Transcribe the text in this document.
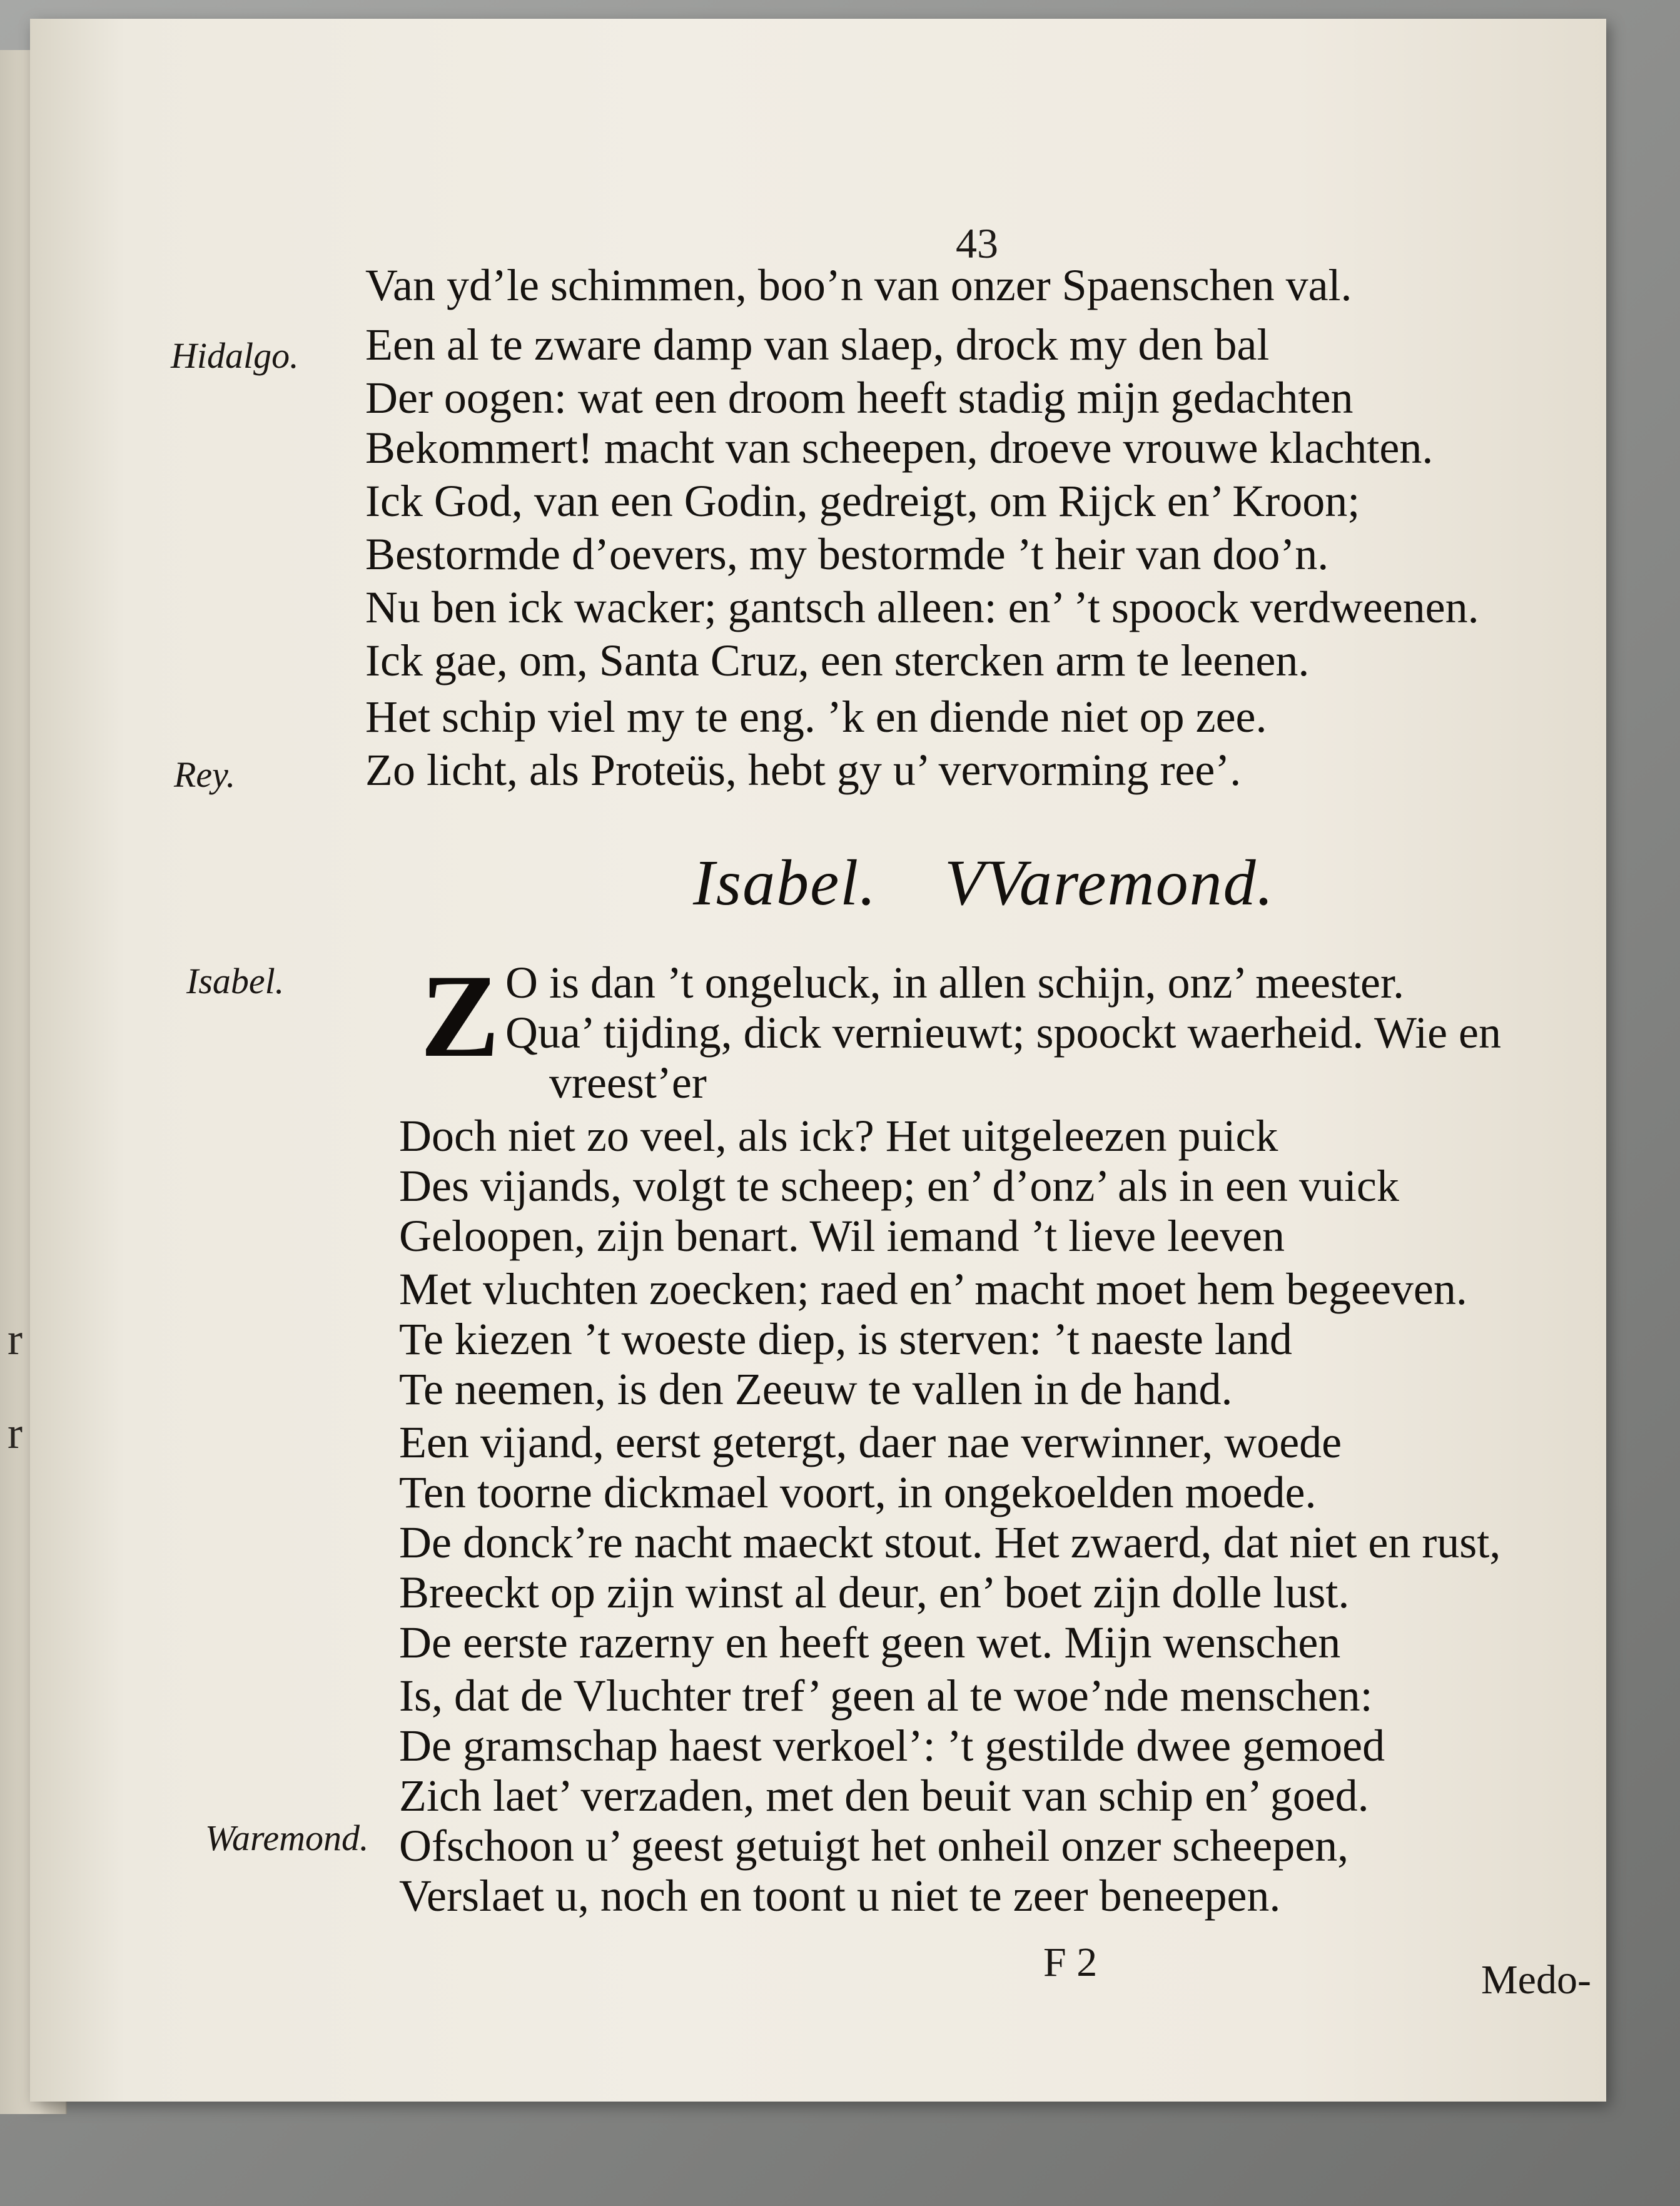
r
r
43
Hidalgo.
Rey.
Van yd’le schimmen, boo’n van onzer Spaenschen val.
Een al te zware damp van slaep, drock my den bal
Der oogen: wat een droom heeft stadig mijn gedachten
Bekommert! macht van scheepen, droeve vrouwe klachten.
Ick God, van een Godin, gedreigt, om Rijck en’ Kroon;
Bestormde d’oevers, my bestormde ’t heir van doo’n.
Nu ben ick wacker; gantsch alleen: en’ ’t spoock verdweenen.
Ick gae, om, Santa Cruz, een stercken arm te leenen.
Het schip viel my te eng. ’k en diende niet op zee.
Zo licht, als Proteüs, hebt gy u’ vervorming ree’.
Isabel. VVaremond.
Isabel. Z O is dan ’t ongeluck, in allen schijn, onz’ meester.
Qua’ tijding, dick vernieuwt; spoockt waerheid. Wie en
vreest’er
Doch niet zo veel, als ick? Het uitgeleezen puick
Des vijands, volgt te scheep; en’ d’onz’ als in een vuick
Geloopen, zijn benart. Wil iemand ’t lieve leeven
Met vluchten zoecken; raed en’ macht moet hem begeeven.
Te kiezen ’t woeste diep, is sterven: ’t naeste land
Te neemen, is den Zeeuw te vallen in de hand.
Een vijand, eerst getergt, daer nae verwinner, woede
Ten toorne dickmael voort, in ongekoelden moede.
De donck’re nacht maeckt stout. Het zwaerd, dat niet en rust,
Breeckt op zijn winst al deur, en’ boet zijn dolle lust.
De eerste razerny en heeft geen wet. Mijn wenschen
Is, dat de Vluchter tref’ geen al te woe’nde menschen:
De gramschap haest verkoel’: ’t gestilde dwee gemoed
Zich laet’ verzaden, met den beuit van schip en’ goed.
Waremond. Ofschoon u’ geest getuigt het onheil onzer scheepen,
Verslaet u, noch en toont u niet te zeer beneepen.
F 2	Medo-
